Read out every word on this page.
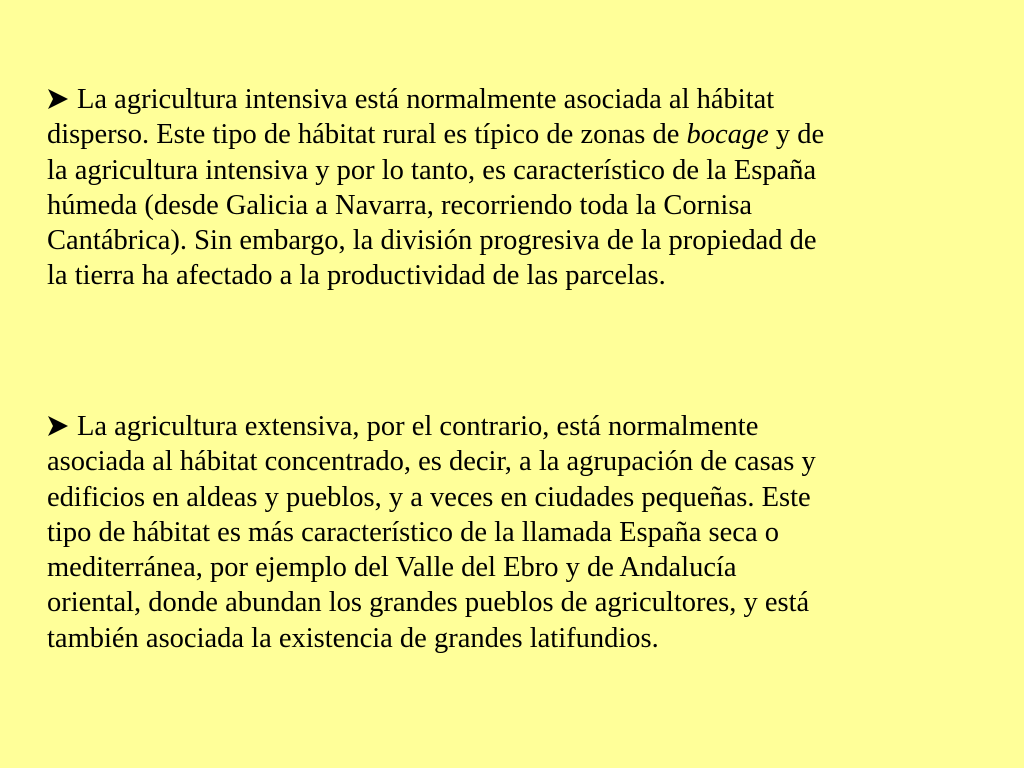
La agricultura intensiva está normalmente asociada al hábitat
disperso. Este tipo de hábitat rural es típico de zonas de bocage y de
la agricultura intensiva y por lo tanto, es característico de la España
húmeda (desde Galicia a Navarra, recorriendo toda la Cornisa
Cantábrica). Sin embargo, la división progresiva de la propiedad de
la tierra ha afectado a la productividad de las parcelas.
La agricultura extensiva, por el contrario, está normalmente
asociada al hábitat concentrado, es decir, a la agrupación de casas y
edificios en aldeas y pueblos, y a veces en ciudades pequeñas. Este
tipo de hábitat es más característico de la llamada España seca o
mediterránea, por ejemplo del Valle del Ebro y de Andalucía
oriental, donde abundan los grandes pueblos de agricultores, y está
también asociada la existencia de grandes latifundios.
